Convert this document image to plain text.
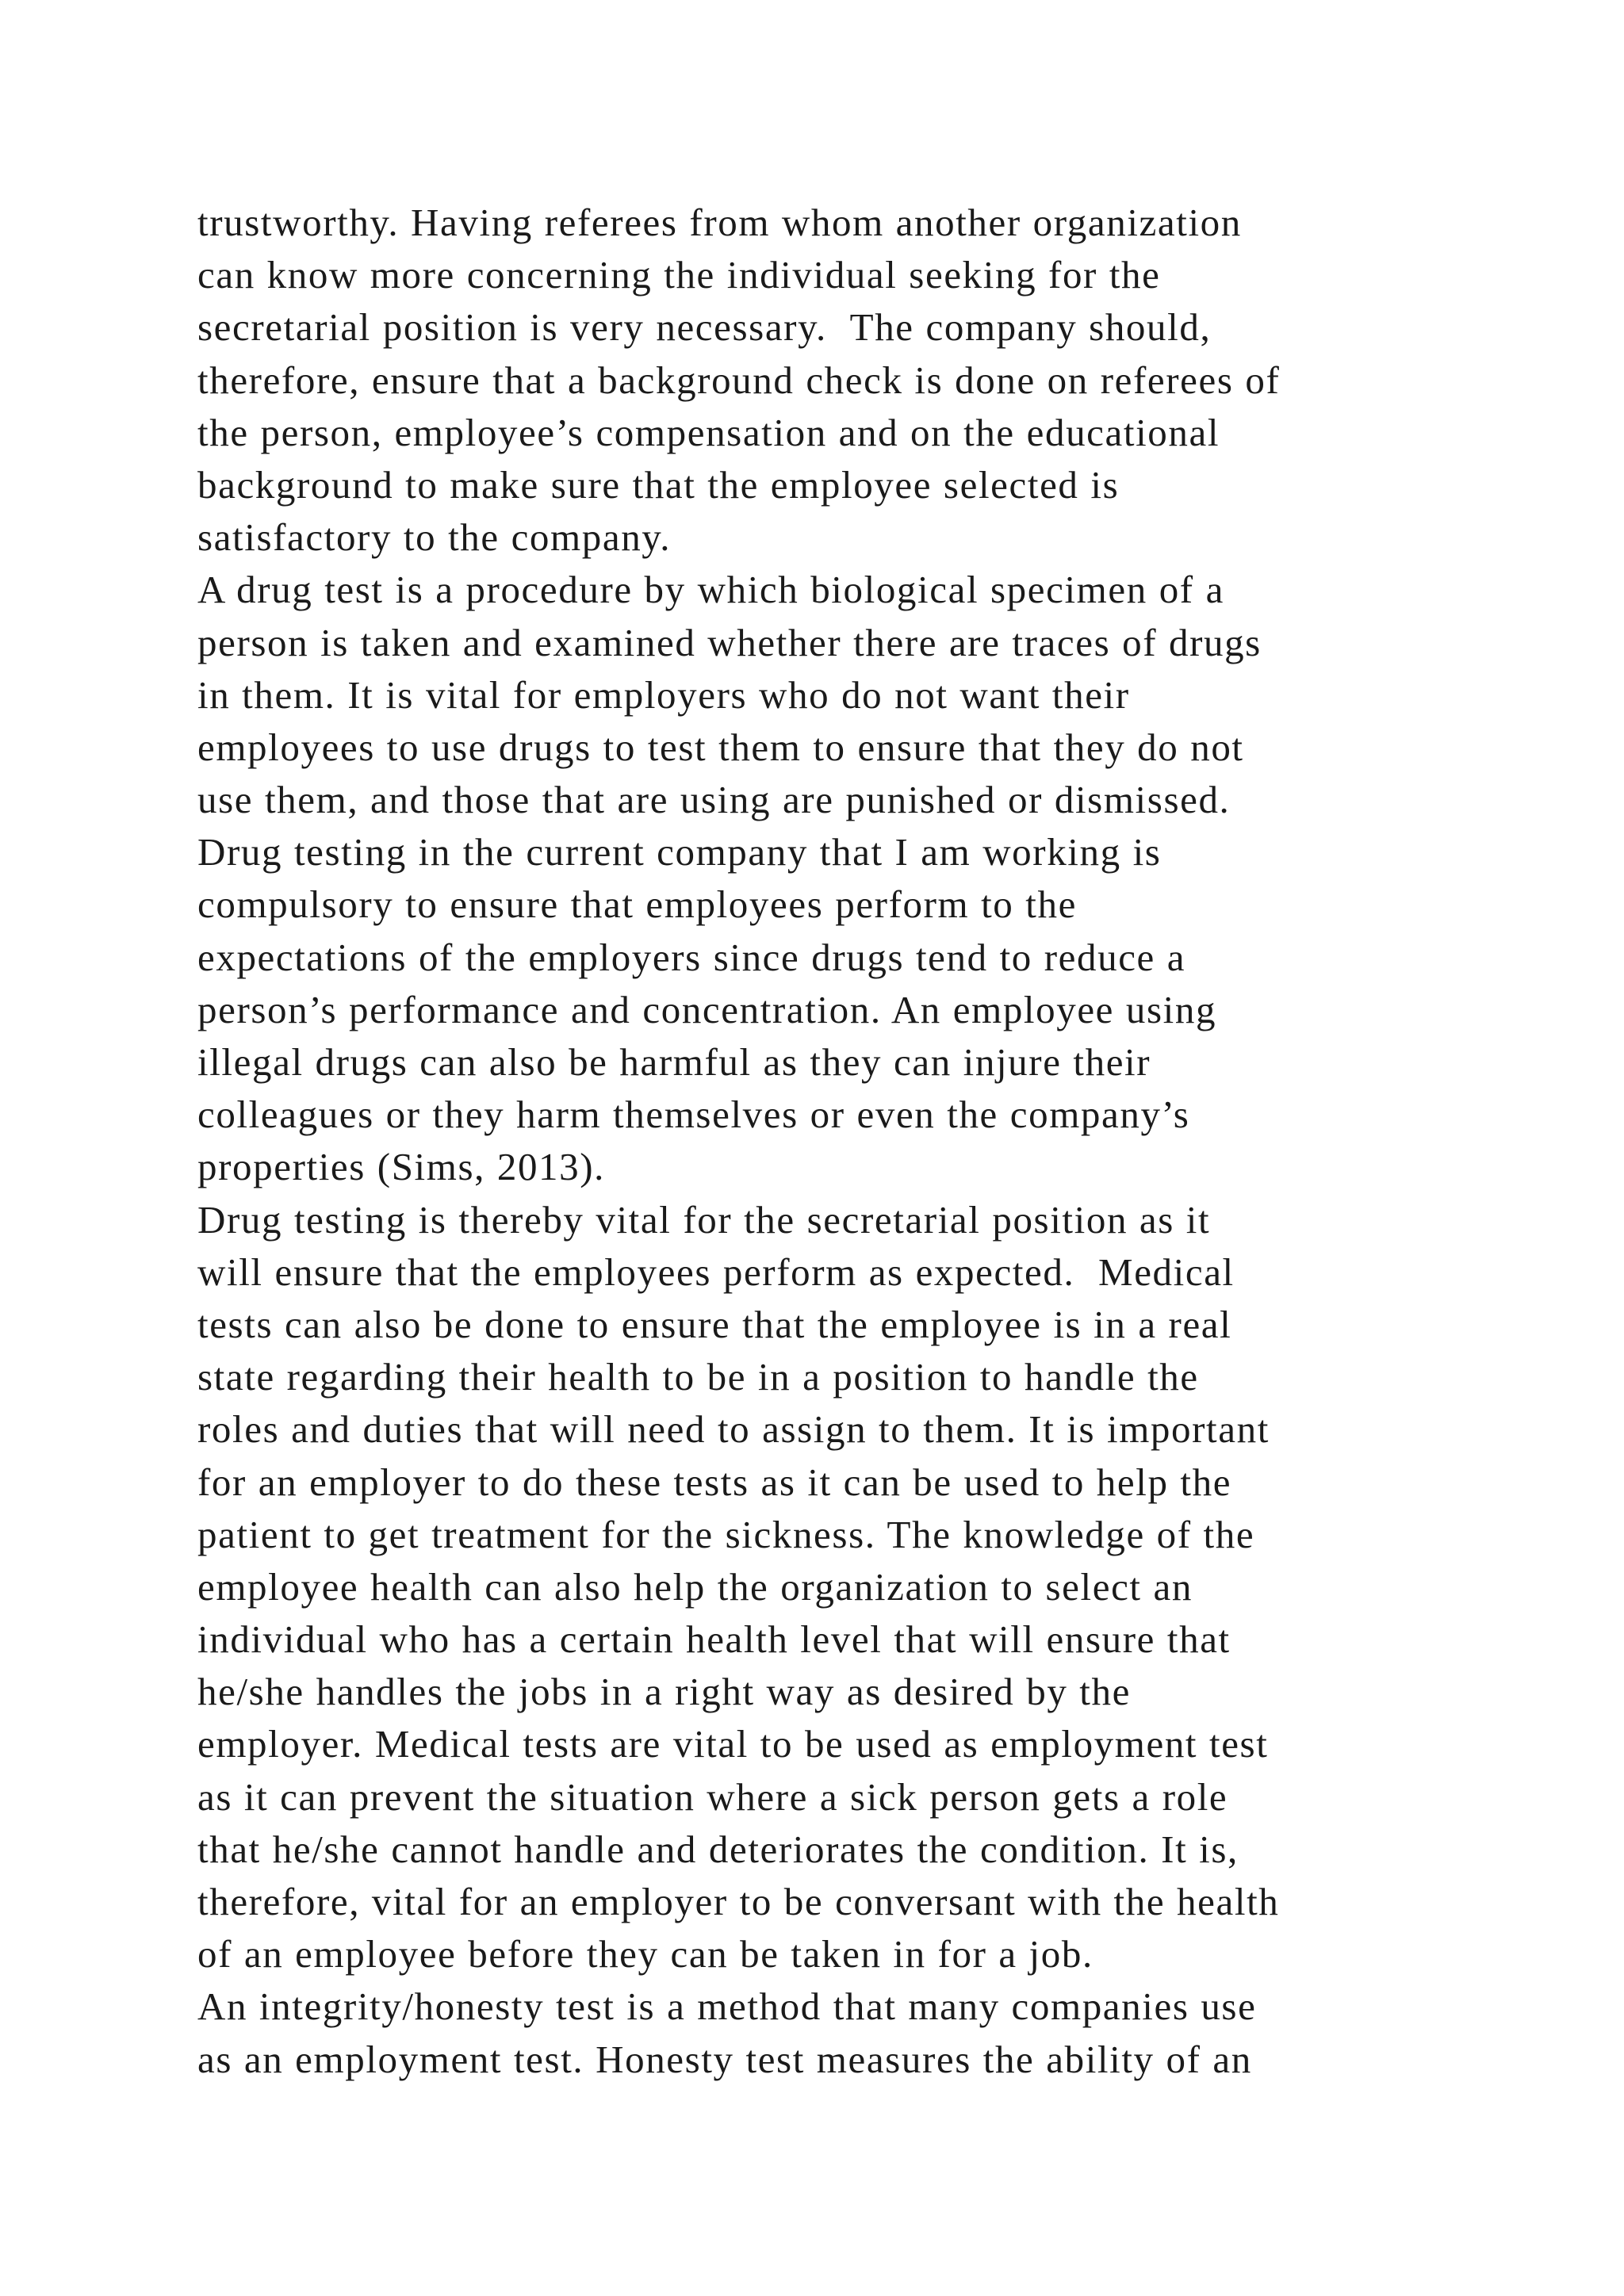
trustworthy. Having referees from whom another organization
can know more concerning the individual seeking for the
secretarial position is very necessary.  The company should,
therefore, ensure that a background check is done on referees of
the person, employee’s compensation and on the educational
background to make sure that the employee selected is
satisfactory to the company.
A drug test is a procedure by which biological specimen of a
person is taken and examined whether there are traces of drugs
in them. It is vital for employers who do not want their
employees to use drugs to test them to ensure that they do not
use them, and those that are using are punished or dismissed.
Drug testing in the current company that I am working is
compulsory to ensure that employees perform to the
expectations of the employers since drugs tend to reduce a
person’s performance and concentration. An employee using
illegal drugs can also be harmful as they can injure their
colleagues or they harm themselves or even the company’s
properties (Sims, 2013).
Drug testing is thereby vital for the secretarial position as it
will ensure that the employees perform as expected.  Medical
tests can also be done to ensure that the employee is in a real
state regarding their health to be in a position to handle the
roles and duties that will need to assign to them. It is important
for an employer to do these tests as it can be used to help the
patient to get treatment for the sickness. The knowledge of the
employee health can also help the organization to select an
individual who has a certain health level that will ensure that
he/she handles the jobs in a right way as desired by the
employer. Medical tests are vital to be used as employment test
as it can prevent the situation where a sick person gets a role
that he/she cannot handle and deteriorates the condition. It is,
therefore, vital for an employer to be conversant with the health
of an employee before they can be taken in for a job.
An integrity/honesty test is a method that many companies use
as an employment test. Honesty test measures the ability of an
